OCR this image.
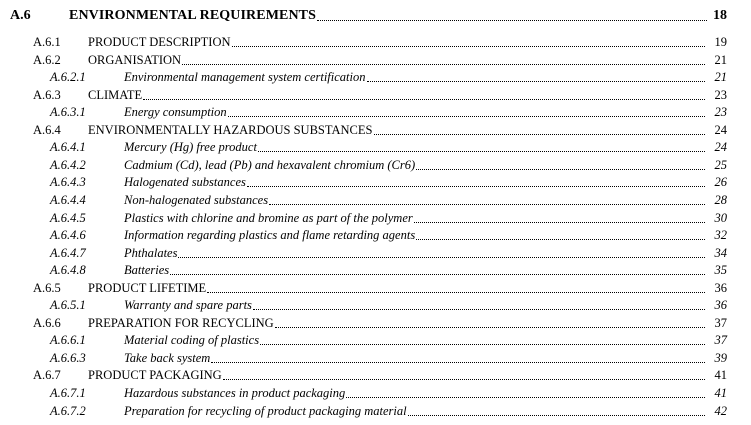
A.6	ENVIRONMENTAL REQUIREMENTS	18
A.6.1 PRODUCT DESCRIPTION	19
A.6.2 ORGANISATION	21
A.6.2.1	Environmental management system certification	21
A.6.3 CLIMATE	23
A.6.3.1	Energy consumption	23
A.6.4 ENVIRONMENTALLY HAZARDOUS SUBSTANCES	24
A.6.4.1	Mercury (Hg) free product	24
A.6.4.2	Cadmium (Cd), lead (Pb) and hexavalent chromium (Cr6)	25
A.6.4.3	Halogenated substances	26
A.6.4.4	Non-halogenated substances	28
A.6.4.5	Plastics with chlorine and bromine as part of the polymer	30
A.6.4.6	Information regarding plastics and flame retarding agents	32
A.6.4.7	Phthalates	34
A.6.4.8	Batteries	35
A.6.5 PRODUCT LIFETIME	36
A.6.5.1	Warranty and spare parts	36
A.6.6 PREPARATION FOR RECYCLING	37
A.6.6.1	Material coding of plastics	37
A.6.6.3	Take back system	39
A.6.7 PRODUCT PACKAGING	41
A.6.7.1	Hazardous substances in product packaging	41
A.6.7.2	Preparation for recycling of product packaging material	42
